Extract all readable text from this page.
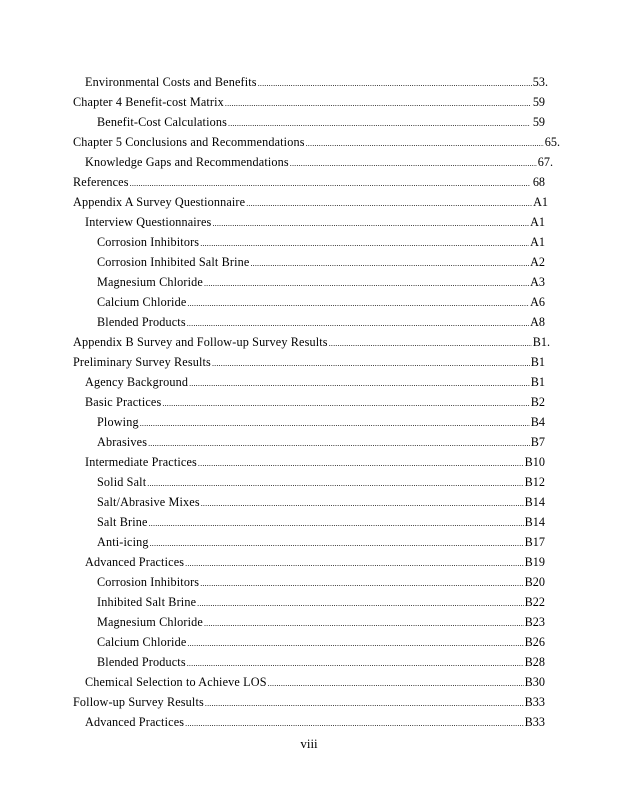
Environmental Costs and Benefits .....	53.
Chapter 4 Benefit-cost Matrix .....	59
Benefit-Cost Calculations .....	59
Chapter 5 Conclusions and Recommendations .....	65.
Knowledge Gaps and Recommendations .....	67.
References .....	68
Appendix A Survey Questionnaire .....	A1
Interview Questionnaires .....	A1
Corrosion Inhibitors .....	A1
Corrosion Inhibited Salt Brine .....	A2
Magnesium Chloride .....	A3
Calcium Chloride .....	A6
Blended Products .....	A8
Appendix B Survey and Follow-up Survey Results .....	B1.
Preliminary Survey Results .....	B1
Agency Background .....	B1
Basic Practices .....	B2
Plowing .....	B4
Abrasives .....	B7
Intermediate Practices .....	B10
Solid Salt .....	B12
Salt/Abrasive Mixes .....	B14
Salt Brine .....	B14
Anti-icing .....	B17
Advanced Practices .....	B19
Corrosion Inhibitors .....	B20
Inhibited Salt Brine .....	B22
Magnesium Chloride .....	B23
Calcium Chloride .....	B26
Blended Products .....	B28
Chemical Selection to Achieve LOS .....	B30
Follow-up Survey Results .....	B33
Advanced Practices .....	B33
viii
